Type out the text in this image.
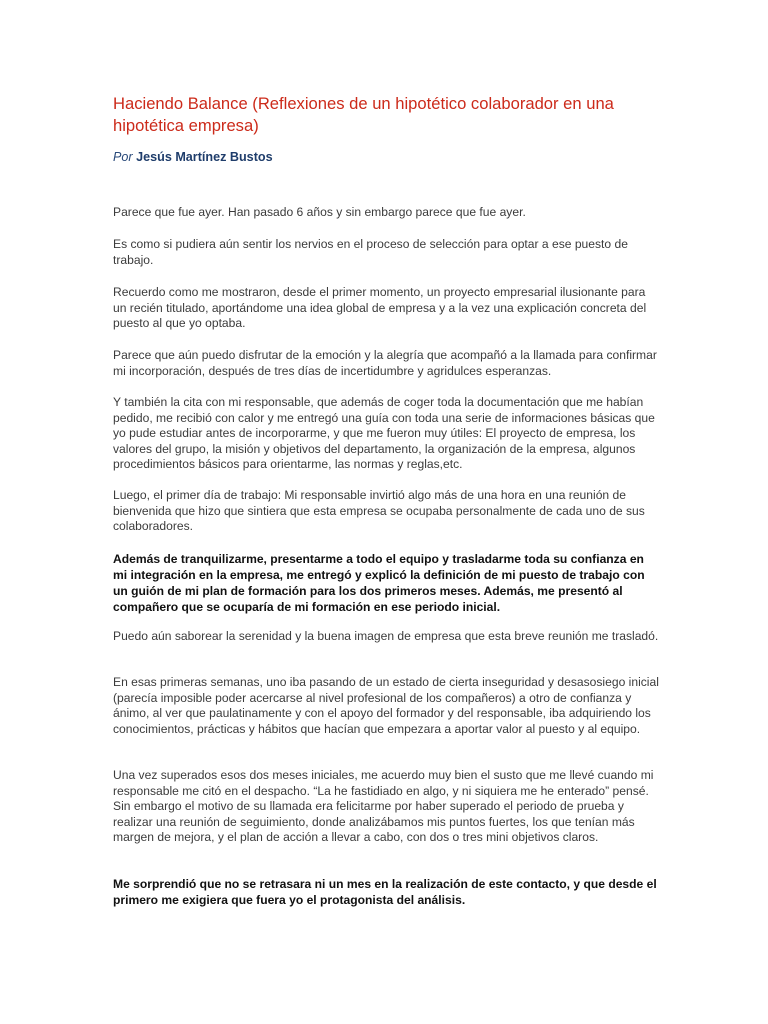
Haciendo Balance (Reflexiones de un hipotético colaborador en una hipotética empresa)

Por Jesús Martínez Bustos

Parece que fue ayer. Han pasado 6 años y sin embargo parece que fue ayer.

Es como si pudiera aún sentir los nervios en el proceso de selección para optar a ese puesto de trabajo.

Recuerdo como me mostraron, desde el primer momento, un proyecto empresarial ilusionante para un recién titulado, aportándome una idea global de empresa y a la vez una explicación concreta del puesto al que yo optaba.

Parece que aún puedo disfrutar de la emoción y la alegría que acompañó a la llamada para confirmar mi incorporación, después de tres días de incertidumbre y agridulces esperanzas.

Y también la cita con mi responsable, que además de coger toda la documentación que me habían pedido, me recibió con calor y me entregó una guía con toda una serie de informaciones básicas que yo pude estudiar antes de incorporarme, y que me fueron muy útiles: El proyecto de empresa, los valores del grupo, la misión y objetivos del departamento, la organización de la empresa, algunos procedimientos básicos para orientarme, las normas y reglas,etc.

Luego, el primer día de trabajo: Mi responsable invirtió algo más de una hora en una reunión de bienvenida que hizo que sintiera que esta empresa se ocupaba personalmente de cada uno de sus colaboradores.

Además de tranquilizarme, presentarme a todo el equipo y trasladarme toda su confianza en mi integración en la empresa, me entregó y explicó la definición de mi puesto de trabajo con un guión de mi plan de formación para los dos primeros meses. Además, me presentó al compañero que se ocuparía de mi formación en ese periodo inicial.

Puedo aún saborear la serenidad y la buena imagen de empresa que esta breve reunión me trasladó.

En esas primeras semanas, uno iba pasando de un estado de cierta inseguridad y desasosiego inicial (parecía imposible poder acercarse al nivel profesional de los compañeros) a otro de confianza y ánimo, al ver que paulatinamente y con el apoyo del formador y del responsable, iba adquiriendo los conocimientos, prácticas y hábitos que hacían que empezara a aportar valor al puesto y al equipo.

Una vez superados esos dos meses iniciales, me acuerdo muy bien el susto que me llevé cuando mi responsable me citó en el despacho. “La he fastidiado en algo, y ni siquiera me he enterado” pensé. Sin embargo el motivo de su llamada era felicitarme por haber superado el periodo de prueba y realizar una reunión de seguimiento, donde analizábamos mis puntos fuertes, los que tenían más margen de mejora, y el plan de acción a llevar a cabo, con dos o tres mini objetivos claros.

Me sorprendió que no se retrasara ni un mes en la realización de este contacto, y que desde el primero me exigiera que fuera yo el protagonista del análisis.
